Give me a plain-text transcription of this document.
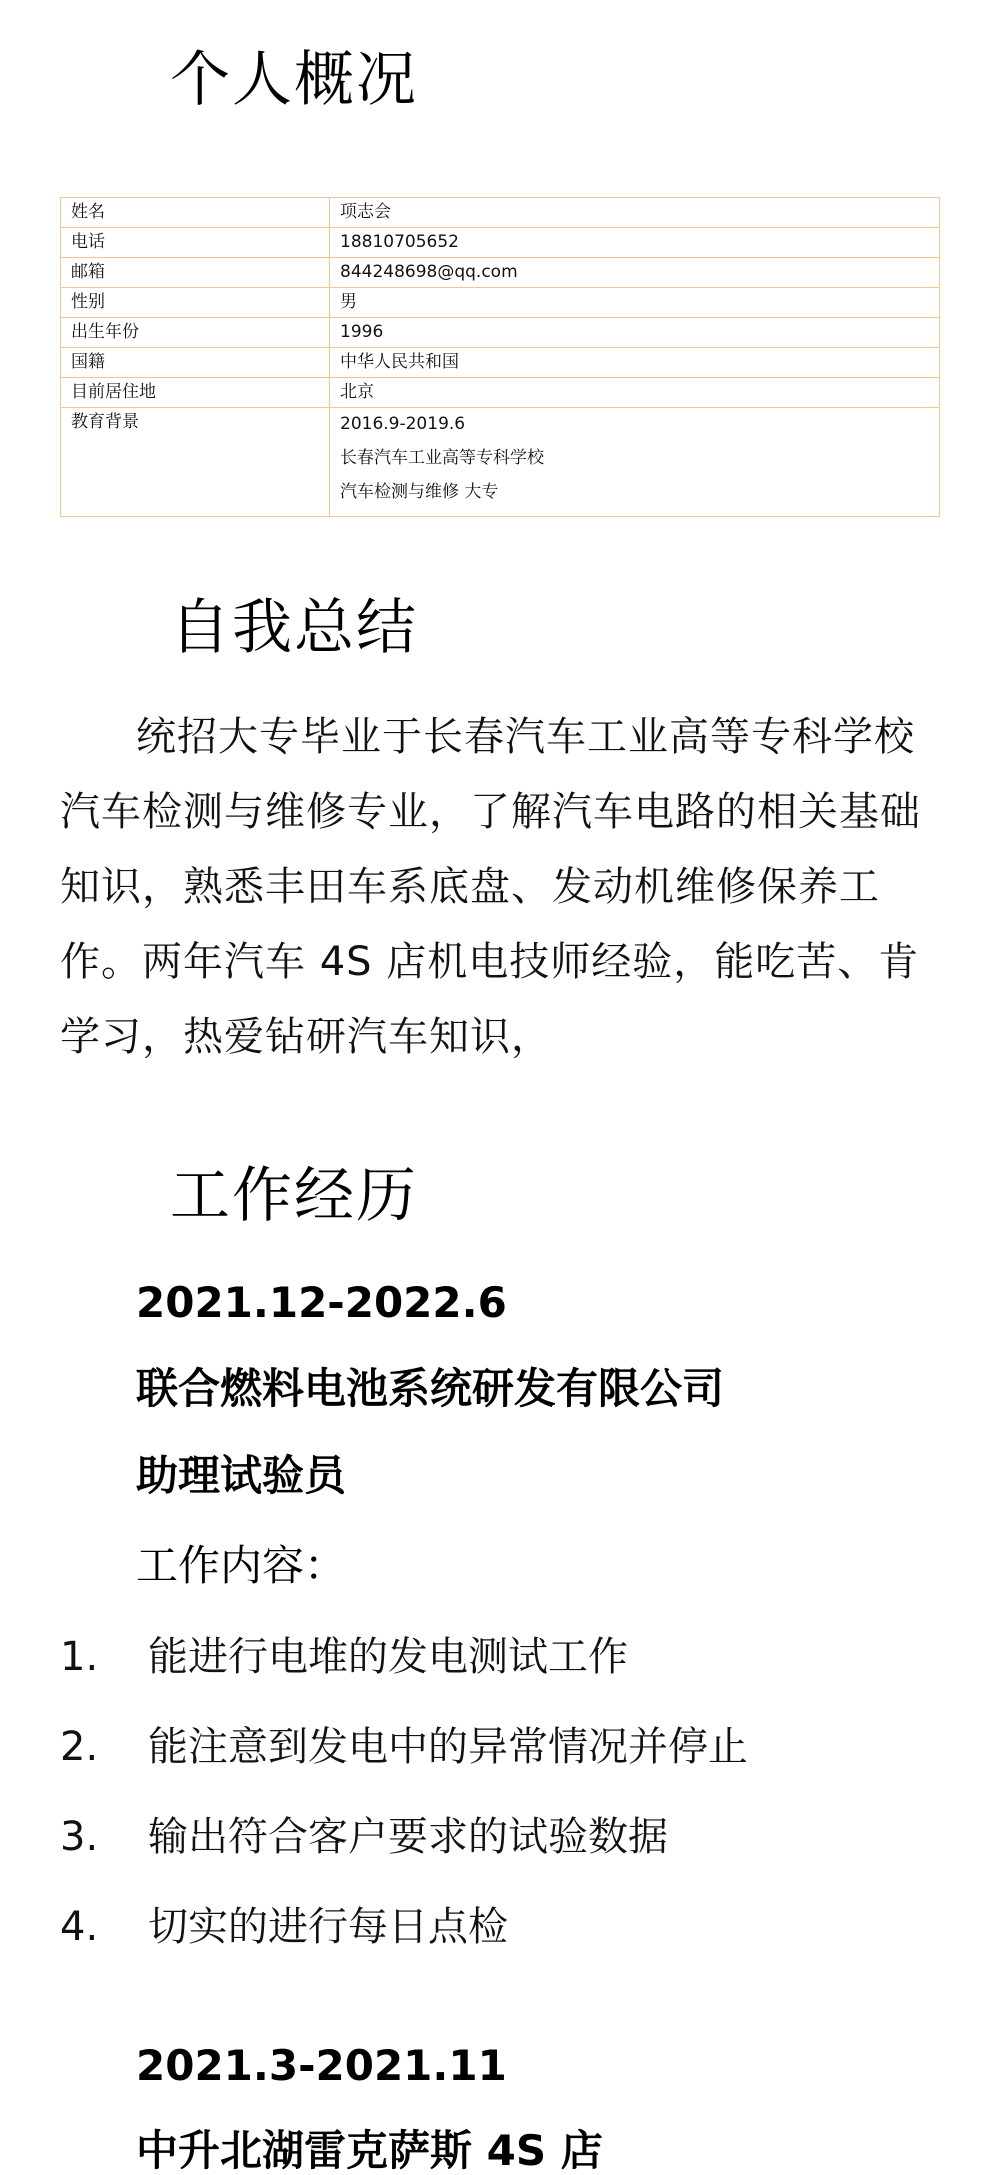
个人概况
姓名	项志会
电话	18810705652
邮箱	844248698@qq.com
性别	男
出生年份	1996
国籍	中华人民共和国
目前居住地	北京
教育背景	2016.9-2019.6
长春汽车工业高等专科学校
汽车检测与维修 大专
自我总结

统招大专毕业于长春汽车工业高等专科学校汽车检测与维修专业，了解汽车电路的相关基础知识，熟悉丰田车系底盘、发动机维修保养工作。两年汽车 4S 店机电技师经验，能吃苦、肯学习，热爱钻研汽车知识，

工作经历

2021.12-2022.6

联合燃料电池系统研发有限公司

助理试验员

工作内容：

1. 能进行电堆的发电测试工作
2. 能注意到发电中的异常情况并停止
3. 输出符合客户要求的试验数据
4. 切实的进行每日点检

2021.3-2021.11

中升北湖雷克萨斯 4S 店
